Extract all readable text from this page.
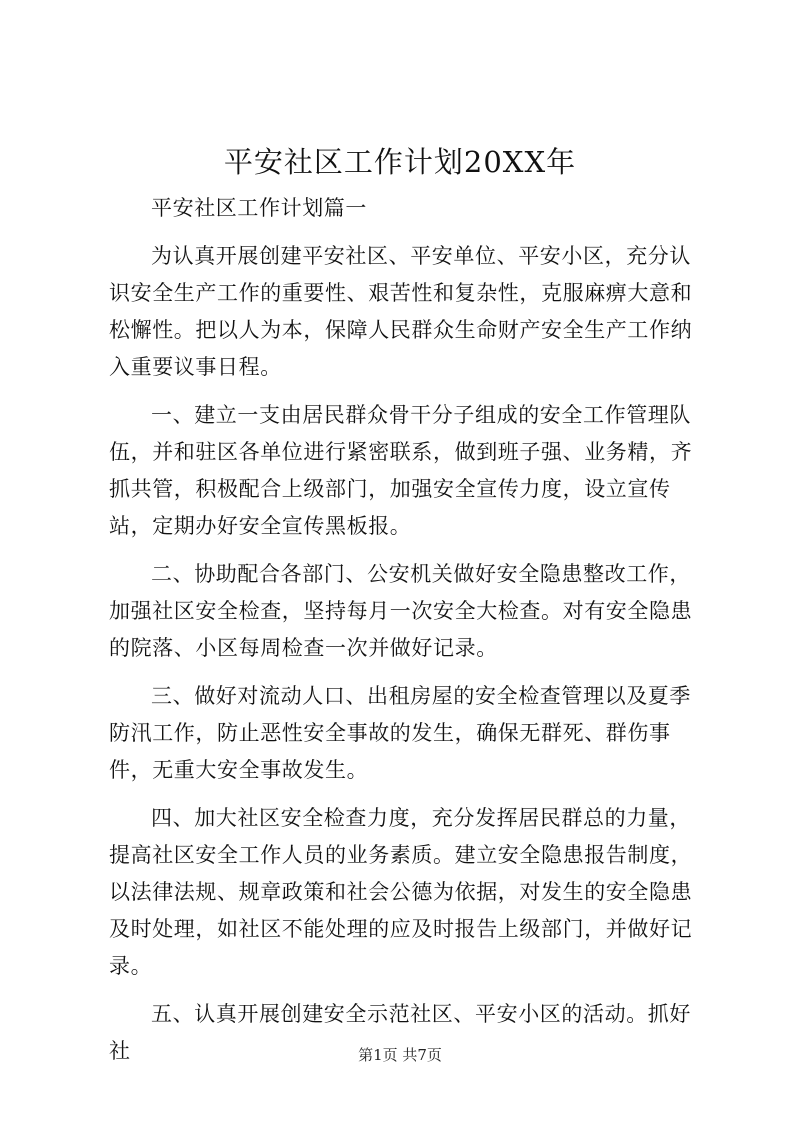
平安社区工作计划20XX年

平安社区工作计划篇一

为认真开展创建平安社区、平安单位、平安小区，充分认识安全生产工作的重要性、艰苦性和复杂性，克服麻痹大意和松懈性。把以人为本，保障人民群众生命财产安全生产工作纳入重要议事日程。

一、建立一支由居民群众骨干分子组成的安全工作管理队伍，并和驻区各单位进行紧密联系，做到班子强、业务精，齐抓共管，积极配合上级部门，加强安全宣传力度，设立宣传站，定期办好安全宣传黑板报。

二、协助配合各部门、公安机关做好安全隐患整改工作，加强社区安全检查，坚持每月一次安全大检查。对有安全隐患的院落、小区每周检查一次并做好记录。

三、做好对流动人口、出租房屋的安全检查管理以及夏季防汛工作，防止恶性安全事故的发生，确保无群死、群伤事件，无重大安全事故发生。

四、加大社区安全检查力度，充分发挥居民群总的力量，提高社区安全工作人员的业务素质。建立安全隐患报告制度，以法律法规、规章政策和社会公德为依据，对发生的安全隐患及时处理，如社区不能处理的应及时报告上级部门，并做好记录。

五、认真开展创建安全示范社区、平安小区的活动。抓好社	第1页 共7页
